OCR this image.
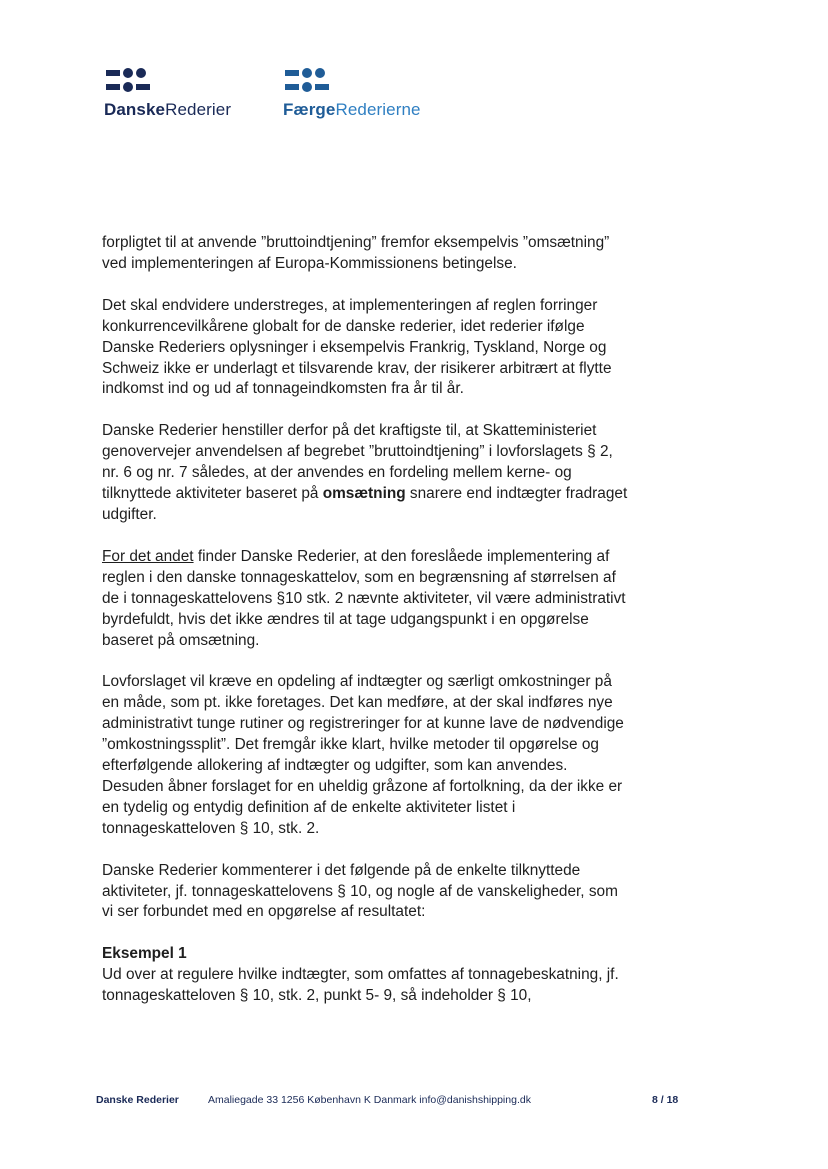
DanskeRederier	FærgeRederierne

forpligtet til at anvende ”bruttoindtjening” fremfor eksempelvis ”omsætning” ved implementeringen af Europa-Kommissionens betingelse.

Det skal endvidere understreges, at implementeringen af reglen forringer konkurrencevilkårene globalt for de danske rederier, idet rederier ifølge Danske Rederiers oplysninger i eksempelvis Frankrig, Tyskland, Norge og Schweiz ikke er underlagt et tilsvarende krav, der risikerer arbitrært at flytte indkomst ind og ud af tonnageindkomsten fra år til år.

Danske Rederier henstiller derfor på det kraftigste til, at Skatteministeriet genovervejer anvendelsen af begrebet ”bruttoindtjening” i lovforslagets § 2, nr. 6 og nr. 7 således, at der anvendes en fordeling mellem kerne- og tilknyttede aktiviteter baseret på omsætning snarere end indtægter fradraget udgifter.

For det andet finder Danske Rederier, at den foreslåede implementering af reglen i den danske tonnageskattelov, som en begrænsning af størrelsen af de i tonnageskattelovens §10 stk. 2 nævnte aktiviteter, vil være administrativt byrdefuldt, hvis det ikke ændres til at tage udgangspunkt i en opgørelse baseret på omsætning.

Lovforslaget vil kræve en opdeling af indtægter og særligt omkostninger på en måde, som pt. ikke foretages. Det kan medføre, at der skal indføres nye administrativt tunge rutiner og registreringer for at kunne lave de nødvendige ”omkostningssplit”. Det fremgår ikke klart, hvilke metoder til opgørelse og efterfølgende allokering af indtægter og udgifter, som kan anvendes. Desuden åbner forslaget for en uheldig gråzone af fortolkning, da der ikke er en tydelig og entydig definition af de enkelte aktiviteter listet i tonnageskatteloven § 10, stk. 2.

Danske Rederier kommenterer i det følgende på de enkelte tilknyttede aktiviteter, jf. tonnageskattelovens § 10, og nogle af de vanskeligheder, som vi ser forbundet med en opgørelse af resultatet:

Eksempel 1

Ud over at regulere hvilke indtægter, som omfattes af tonnagebeskatning, jf. tonnageskatteloven § 10, stk. 2, punkt 5- 9, så indeholder § 10,

Danske Rederier	Amaliegade 33 1256 København K Danmark info@danishshipping.dk	8 / 18
